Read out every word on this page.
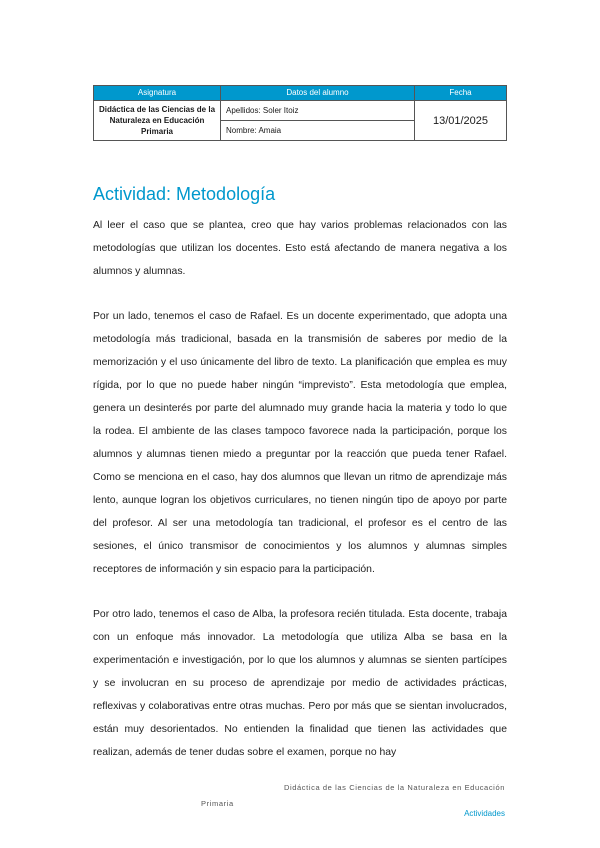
Asignatura	Datos del alumno	Fecha
Didáctica de las Ciencias de la Naturaleza en Educación Primaria	Apellidos: Soler Itoiz	13/01/2025
	Nombre: Amaia	
Actividad: Metodología

Al leer el caso que se plantea, creo que hay varios problemas relacionados con las metodologías que utilizan los docentes. Esto está afectando de manera negativa a los alumnos y alumnas.

Por un lado, tenemos el caso de Rafael. Es un docente experimentado, que adopta una metodología más tradicional, basada en la transmisión de saberes por medio de la memorización y el uso únicamente del libro de texto. La planificación que emplea es muy rígida, por lo que no puede haber ningún “imprevisto”. Esta metodología que emplea, genera un desinterés por parte del alumnado muy grande hacia la materia y todo lo que la rodea. El ambiente de las clases tampoco favorece nada la participación, porque los alumnos y alumnas tienen miedo a preguntar por la reacción que pueda tener Rafael. Como se menciona en el caso, hay dos alumnos que llevan un ritmo de aprendizaje más lento, aunque logran los objetivos curriculares, no tienen ningún tipo de apoyo por parte del profesor. Al ser una metodología tan tradicional, el profesor es el centro de las sesiones, el único transmisor de conocimientos y los alumnos y alumnas simples receptores de información y sin espacio para la participación.

Por otro lado, tenemos el caso de Alba, la profesora recién titulada. Esta docente, trabaja con un enfoque más innovador. La metodología que utiliza Alba se basa en la experimentación e investigación, por lo que los alumnos y alumnas se sienten partícipes y se involucran en su proceso de aprendizaje por medio de actividades prácticas, reflexivas y colaborativas entre otras muchas. Pero por más que se sientan involucrados, están muy desorientados. No entienden la finalidad que tienen las actividades que realizan, además de tener dudas sobre el examen, porque no hay

Didáctica de las Ciencias de la Naturaleza en Educación
Primaria

Actividades
